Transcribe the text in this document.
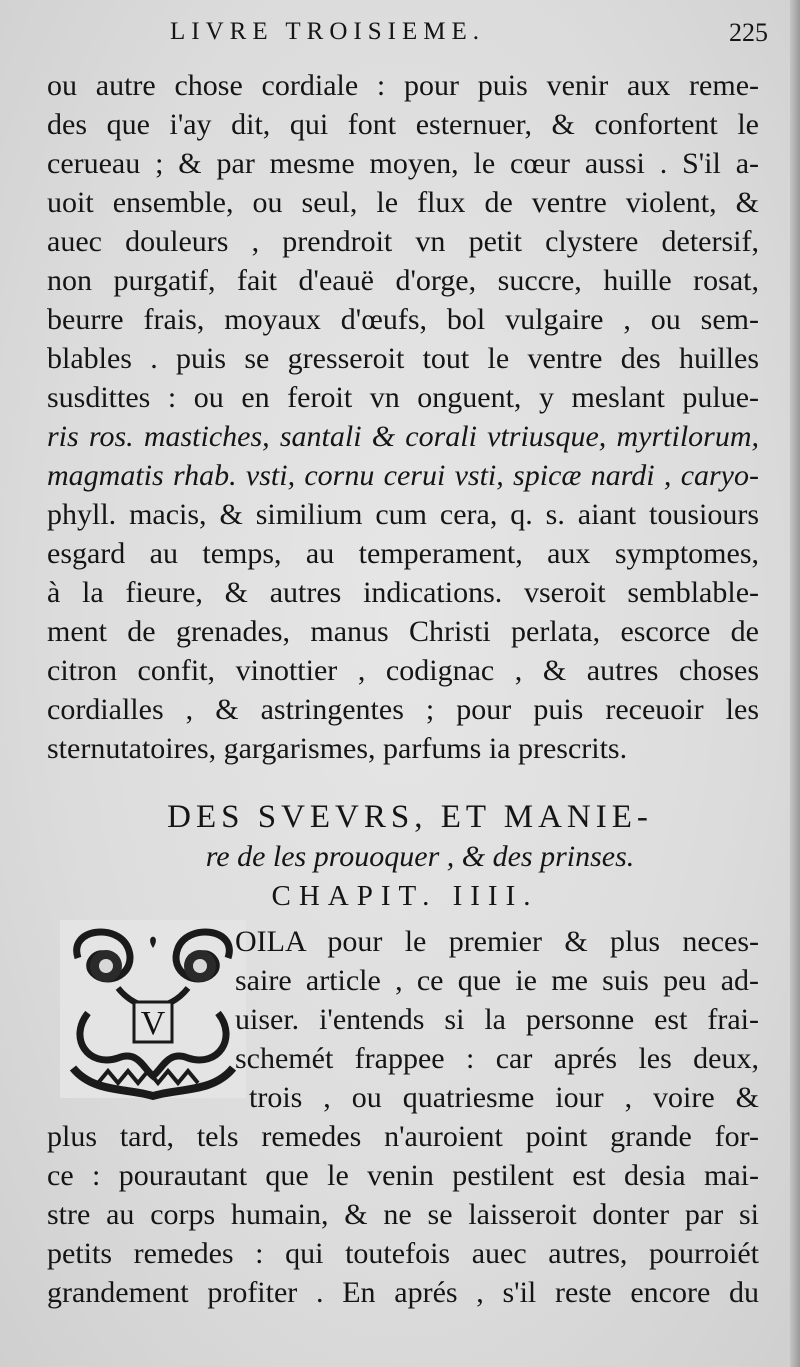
LIVRE TROISIEME.	225
ou autre chose cordiale : pour puis venir aux reme-
des que i'ay dit, qui font esternuer, & confortent le
cerueau ; & par mesme moyen, le cœur aussi . S'il a-
uoit ensemble, ou seul, le flux de ventre violent, &
auec douleurs , prendroit vn petit clystere detersif,
non purgatif, fait d'eauë d'orge, succre, huille rosat,
beurre frais, moyaux d'œufs, bol vulgaire , ou sem-
blables . puis se gresseroit tout le ventre des huilles
susdittes : ou en feroit vn onguent, y meslant pulue-
ris ros. mastiches, santali & corali vtriusque, myrtilorum,
magmatis rhab. vsti, cornu cerui vsti, spicæ nardi , caryo-
phyll. macis, & similium cum cera, q. s. aiant tousiours
esgard au temps, au temperament, aux symptomes,
à la fieure, & autres indications. vseroit semblable-
ment de grenades, manus Christi perlata, escorce de
citron confit, vinottier , codignac , & autres choses
cordialles , & astringentes ; pour puis receuoir les
sternutatoires, gargarismes, parfums ia prescrits.
DES SVEVRS, ET MANIE-
re de les prouoquer , & des prinses.
CHAPIT. IIII.
V
OILA pour le premier & plus neces-
saire article , ce que ie me suis peu ad-
uiser. i'entends si la personne est frai-
schemét frappee : car aprés les deux,
trois , ou quatriesme iour , voire &
plus tard, tels remedes n'auroient point grande for-
ce : pourautant que le venin pestilent est desia mai-
stre au corps humain, & ne se laisseroit donter par si
petits remedes : qui toutefois auec autres, pourroiét
grandement profiter . En aprés , s'il reste encore du
